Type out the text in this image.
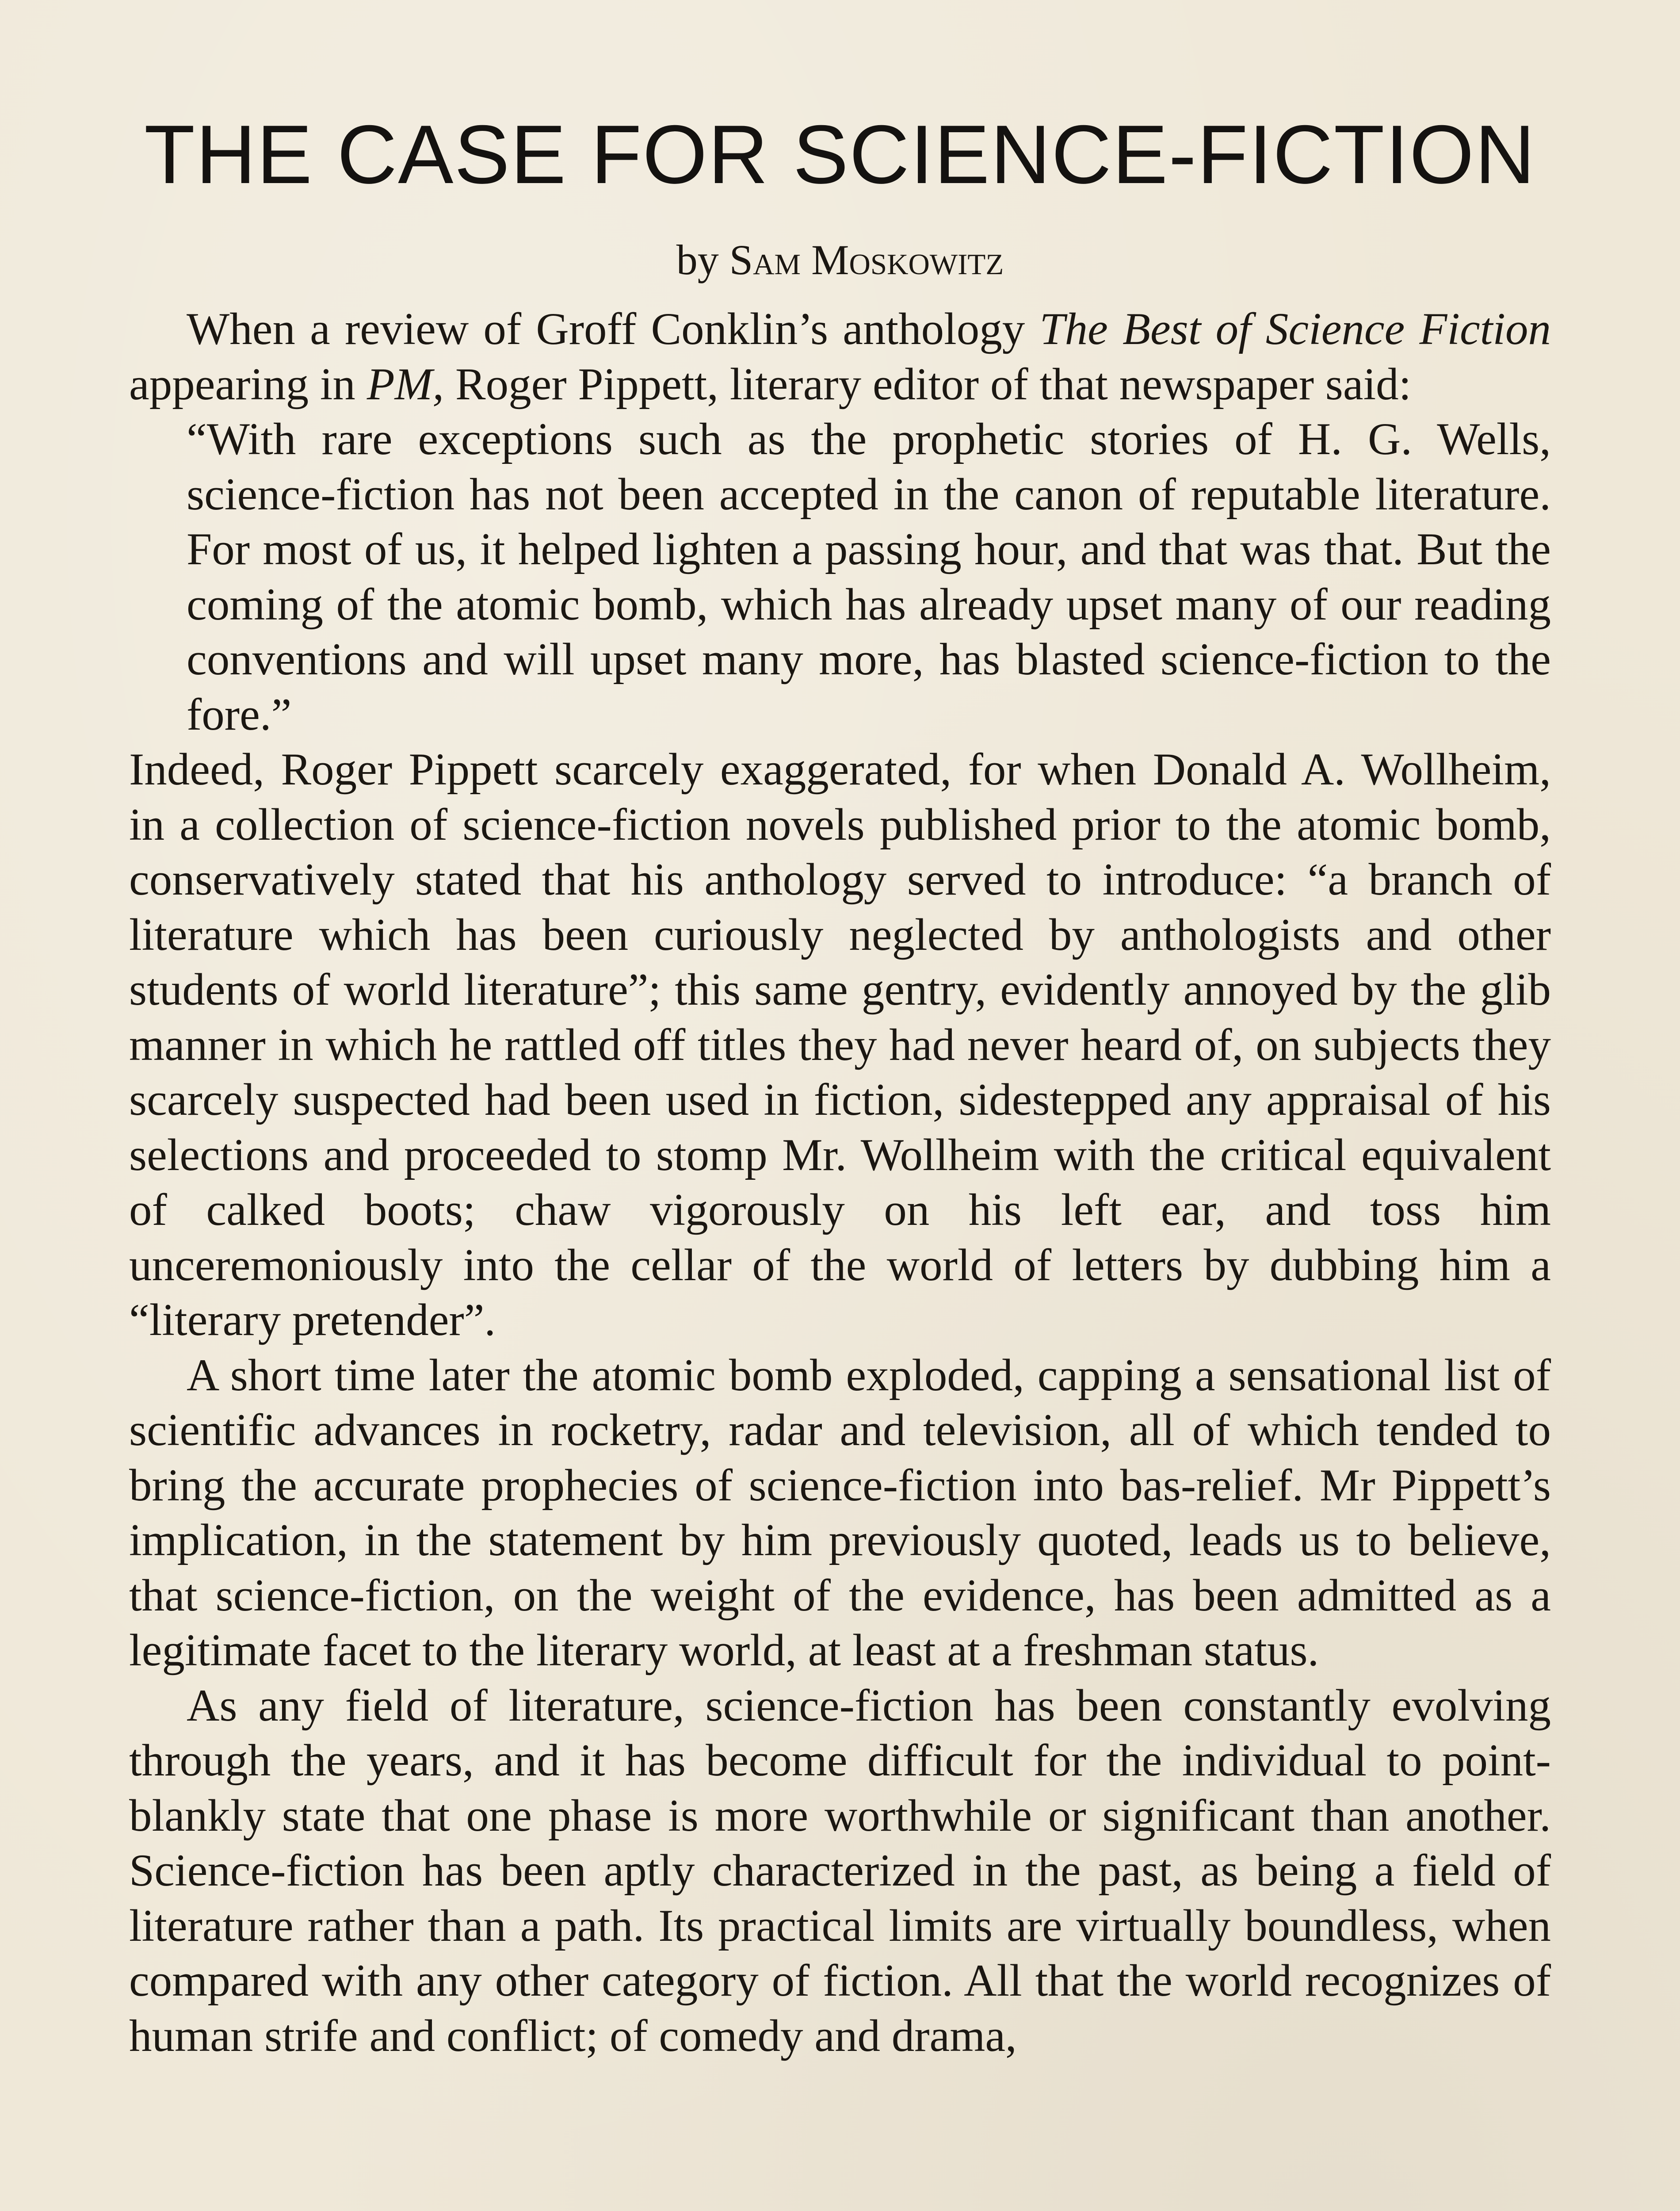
THE CASE FOR SCIENCE-FICTION
by Sam Moskowitz

When a review of Groff Conklin’s anthology The Best of Science Fiction appearing in PM, Roger Pippett, literary editor of that newspaper said:

“With rare exceptions such as the prophetic stories of H. G. Wells, science-fiction has not been accepted in the canon of reputable literature. For most of us, it helped lighten a passing hour, and that was that. But the coming of the atomic bomb, which has already upset many of our reading conventions and will upset many more, has blasted science-fiction to the fore.”

Indeed, Roger Pippett scarcely exaggerated, for when Donald A. Wollheim, in a collection of science-fiction novels published prior to the atomic bomb, conservatively stated that his anthology served to introduce: “a branch of literature which has been curiously neglected by anthologists and other students of world literature”; this same gentry, evidently annoyed by the glib manner in which he rattled off titles they had never heard of, on subjects they scarcely suspected had been used in fiction, sidestepped any appraisal of his selections and proceeded to stomp Mr. Wollheim with the critical equivalent of calked boots; chaw vigorously on his left ear, and toss him unceremoniously into the cellar of the world of letters by dubbing him a “literary pretender”.

A short time later the atomic bomb exploded, capping a sensational list of scientific advances in rocketry, radar and television, all of which tended to bring the accurate prophecies of science-fiction into bas-relief. Mr Pippett’s implication, in the statement by him previously quoted, leads us to believe, that science-fiction, on the weight of the evidence, has been admitted as a legitimate facet to the literary world, at least at a freshman status.

As any field of literature, science-fiction has been constantly evolving through the years, and it has become difficult for the individual to point-blankly state that one phase is more worthwhile or significant than another. Science-fiction has been aptly characterized in the past, as being a field of literature rather than a path. Its practical limits are virtually boundless, when compared with any other category of fiction. All that the world recognizes of human strife and conflict; of comedy and drama,
